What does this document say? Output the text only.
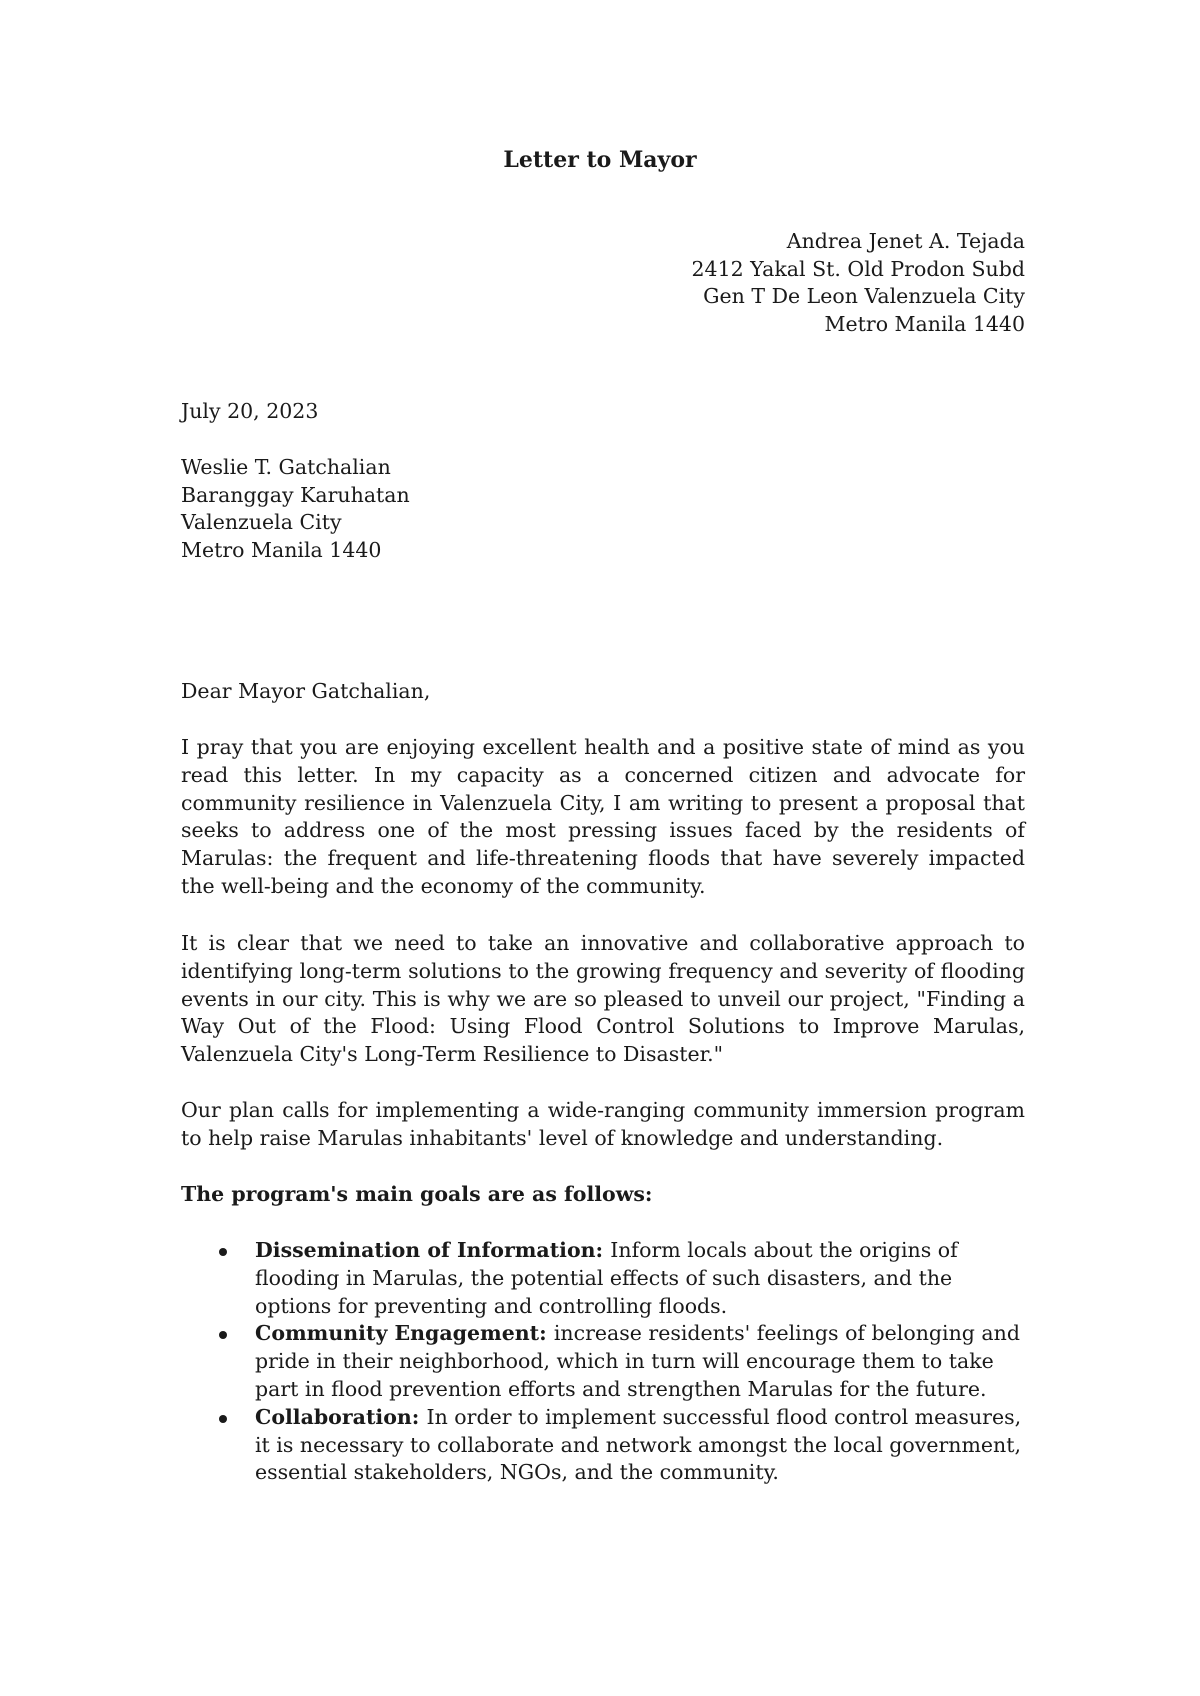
Letter to Mayor
Andrea Jenet A. Tejada
2412 Yakal St. Old Prodon Subd
Gen T De Leon Valenzuela City
Metro Manila 1440
July 20, 2023
Weslie T. Gatchalian
Baranggay Karuhatan
Valenzuela City
Metro Manila 1440
Dear Mayor Gatchalian,

I pray that you are enjoying excellent health and a positive state of mind as you read this letter. In my capacity as a concerned citizen and advocate for community resilience in Valenzuela City, I am writing to present a proposal that seeks to address one of the most pressing issues faced by the residents of Marulas: the frequent and life-threatening floods that have severely impacted the well-being and the economy of the community.

It is clear that we need to take an innovative and collaborative approach to identifying long-term solutions to the growing frequency and severity of flooding events in our city. This is why we are so pleased to unveil our project, "Finding a Way Out of the Flood: Using Flood Control Solutions to Improve Marulas, Valenzuela City's Long-Term Resilience to Disaster."

Our plan calls for implementing a wide-ranging community immersion program to help raise Marulas inhabitants' level of knowledge and understanding.

The program's main goals are as follows:
Dissemination of Information: Inform locals about the origins of flooding in Marulas, the potential effects of such disasters, and the options for preventing and controlling floods.
Community Engagement: increase residents' feelings of belonging and pride in their neighborhood, which in turn will encourage them to take part in flood prevention efforts and strengthen Marulas for the future.
Collaboration: In order to implement successful flood control measures, it is necessary to collaborate and network amongst the local government, essential stakeholders, NGOs, and the community.
